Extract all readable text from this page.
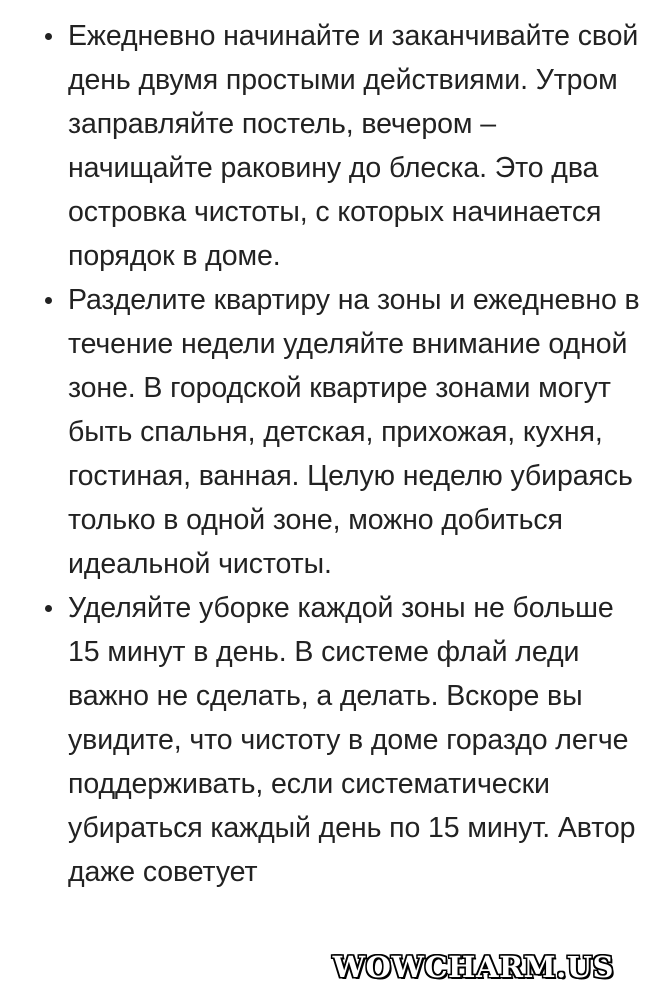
Ежедневно начинайте и заканчивайте свой день двумя простыми действиями. Утром заправляйте постель, вечером – начищайте раковину до блеска. Это два островка чистоты, с которых начинается порядок в доме.
Разделите квартиру на зоны и ежедневно в течение недели уделяйте внимание одной зоне. В городской квартире зонами могут быть спальня, детская, прихожая, кухня, гостиная, ванная. Целую неделю убираясь только в одной зоне, можно добиться идеальной чистоты.
Уделяйте уборке каждой зоны не больше 15 минут в день. В системе флай леди важно не сделать, а делать. Вскоре вы увидите, что чистоту в доме гораздо легче поддерживать, если систематически убираться каждый день по 15 минут. Автор даже советует
WOWCHARM.US
